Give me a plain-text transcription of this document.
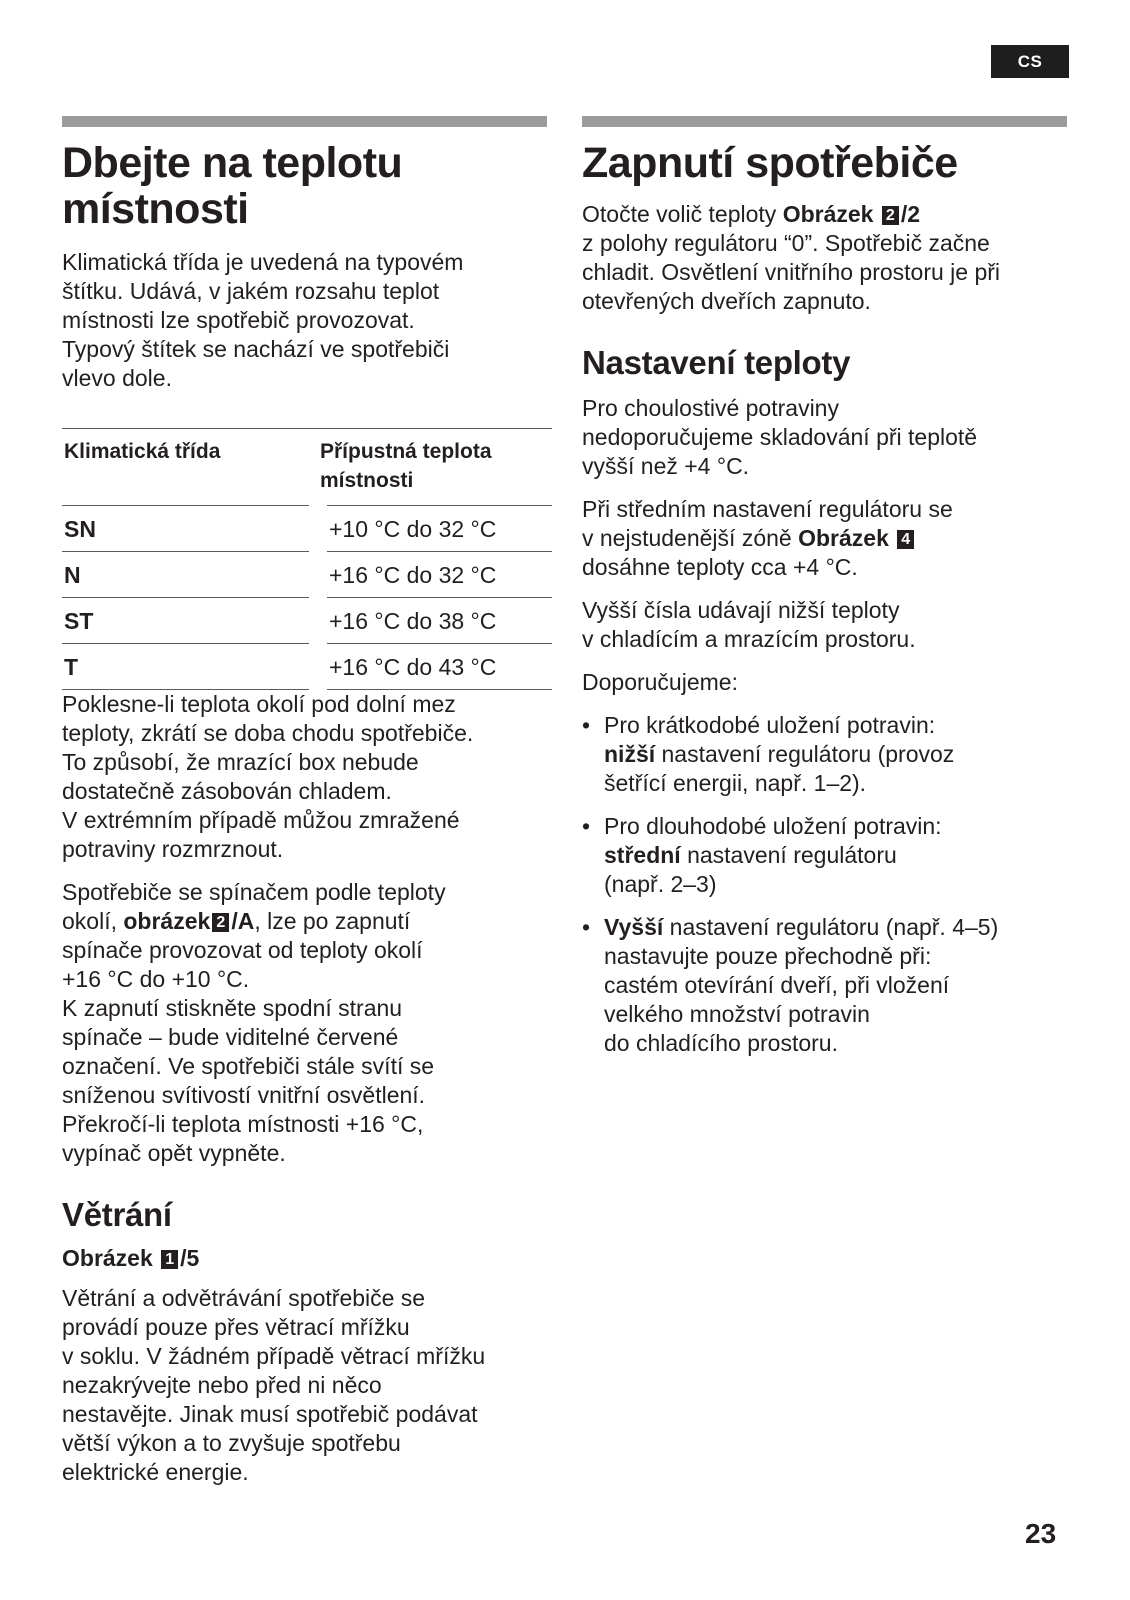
CS
Dbejte na teplotu
místnosti

Klimatická třída je uvedená na typovém
štítku. Udává, v jakém rozsahu teplot
místnosti lze spotřebič provozovat.
Typový štítek se nachází ve spotřebiči
vlevo dole.

Klimatická třída	Přípustná teplota
místnosti
SN	+10 °C do 32 °C
N	+16 °C do 32 °C
ST	+16 °C do 38 °C
T	+16 °C do 43 °C

Poklesne-li teplota okolí pod dolní mez
teploty, zkrátí se doba chodu spotřebiče.
To způsobí, že mrazící box nebude
dostatečně zásobován chladem.
V extrémním případě můžou zmražené
potraviny rozmrznout.

Spotřebiče se spínačem podle teploty
okolí, obrázek 2 /A, lze po zapnutí
spínače provozovat od teploty okolí
+16 °C do +10 °C.
K zapnutí stiskněte spodní stranu
spínače – bude viditelné červené
označení. Ve spotřebiči stále svítí se
sníženou svítivostí vnitřní osvětlení.
Překročí-li teplota místnosti +16 °C,
vypínač opět vypněte.

Větrání

Obrázek 1 /5

Větrání a odvětrávání spotřebiče se
provádí pouze přes větrací mřížku
v soklu. V žádném případě větrací mřížku
nezakrývejte nebo před ni něco
nestavějte. Jinak musí spotřebič podávat
větší výkon a to zvyšuje spotřebu
elektrické energie.

Zapnutí spotřebiče

Otočte volič teploty Obrázek 2 /2
z polohy regulátoru “0”. Spotřebič začne
chladit. Osvětlení vnitřního prostoru je při
otevřených dveřích zapnuto.

Nastavení teploty

Pro choulostivé potraviny
nedoporučujeme skladování při teplotě
vyšší než +4 °C.

Při středním nastavení regulátoru se
v nejstudenější zóně Obrázek 4
dosáhne teploty cca +4 °C.

Vyšší čísla udávají nižší teploty
v chladícím a mrazícím prostoru.

Doporučujeme:

• Pro krátkodobé uložení potravin:
nižší nastavení regulátoru (provoz
šetřící energii, např. 1–2).
• Pro dlouhodobé uložení potravin:
střední nastavení regulátoru
(např. 2–3)
• Vyšší nastavení regulátoru (např. 4–5)
nastavujte pouze přechodně při:
castém otevírání dveří, při vložení
velkého množství potravin
do chladícího prostoru.
23
